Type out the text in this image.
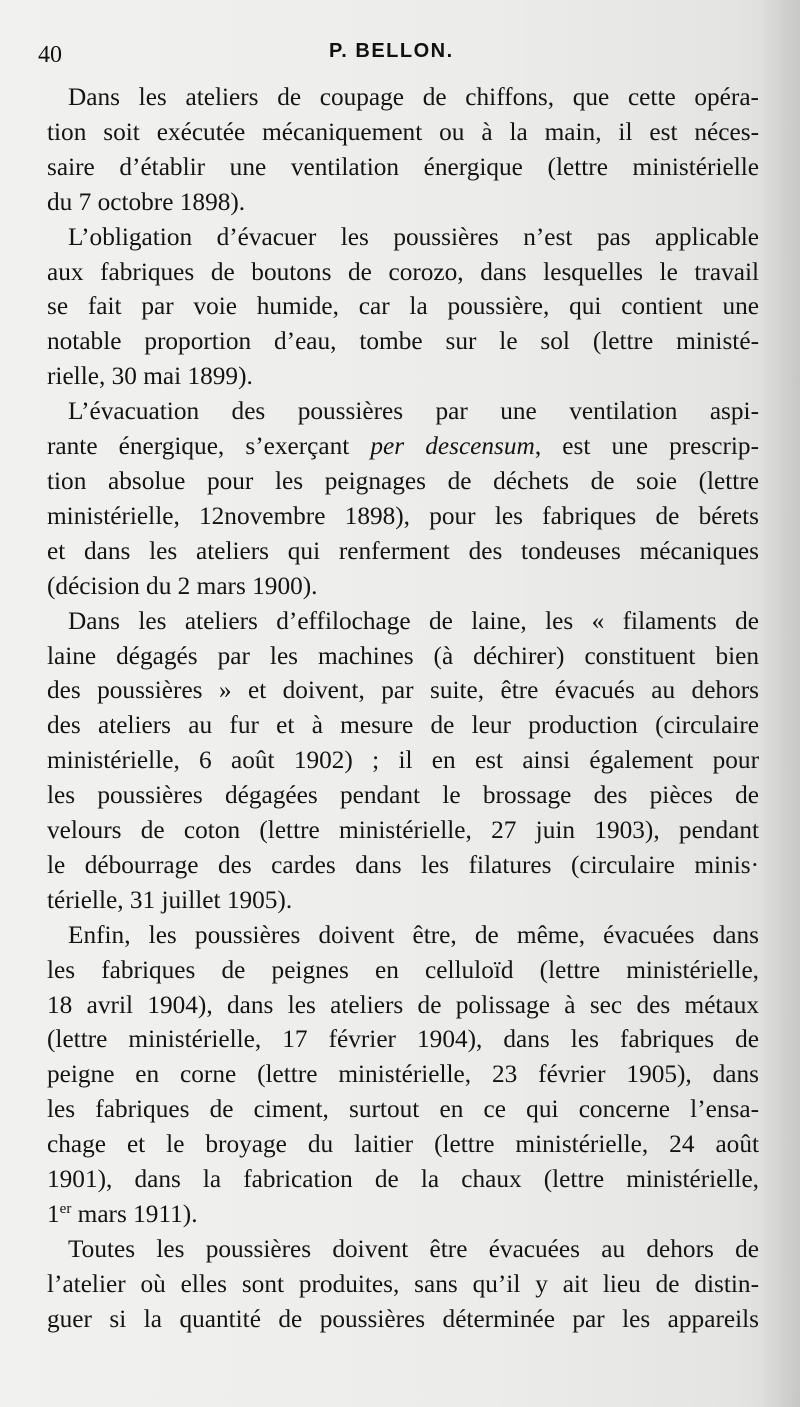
40	P. BELLON.
Dans les ateliers de coupage de chiffons, que cette opéra-
tion soit exécutée mécaniquement ou à la main, il est néces-
saire d’établir une ventilation énergique (lettre ministérielle
du 7 octobre 1898).
L’obligation d’évacuer les poussières n’est pas applicable
aux fabriques de boutons de corozo, dans lesquelles le travail
se fait par voie humide, car la poussière, qui contient une
notable proportion d’eau, tombe sur le sol (lettre ministé-
rielle, 30 mai 1899).
L’évacuation des poussières par une ventilation aspi-
rante énergique, s’exerçant per descensum, est une prescrip-
tion absolue pour les peignages de déchets de soie (lettre
ministérielle, 12novembre 1898), pour les fabriques de bérets
et dans les ateliers qui renferment des tondeuses mécaniques
(décision du 2 mars 1900).
Dans les ateliers d’effilochage de laine, les « filaments de
laine dégagés par les machines (à déchirer) constituent bien
des poussières » et doivent, par suite, être évacués au dehors
des ateliers au fur et à mesure de leur production (circulaire
ministérielle, 6 août 1902) ; il en est ainsi également pour
les poussières dégagées pendant le brossage des pièces de
velours de coton (lettre ministérielle, 27 juin 1903), pendant
le débourrage des cardes dans les filatures (circulaire minis·
térielle, 31 juillet 1905).
Enfin, les poussières doivent être, de même, évacuées dans
les fabriques de peignes en celluloïd (lettre ministérielle,
18 avril 1904), dans les ateliers de polissage à sec des métaux
(lettre ministérielle, 17 février 1904), dans les fabriques de
peigne en corne (lettre ministérielle, 23 février 1905), dans
les fabriques de ciment, surtout en ce qui concerne l’ensa-
chage et le broyage du laitier (lettre ministérielle, 24 août
1901), dans la fabrication de la chaux (lettre ministérielle,
1er mars 1911).
Toutes les poussières doivent être évacuées au dehors de
l’atelier où elles sont produites, sans qu’il y ait lieu de distin-
guer si la quantité de poussières déterminée par les appareils
